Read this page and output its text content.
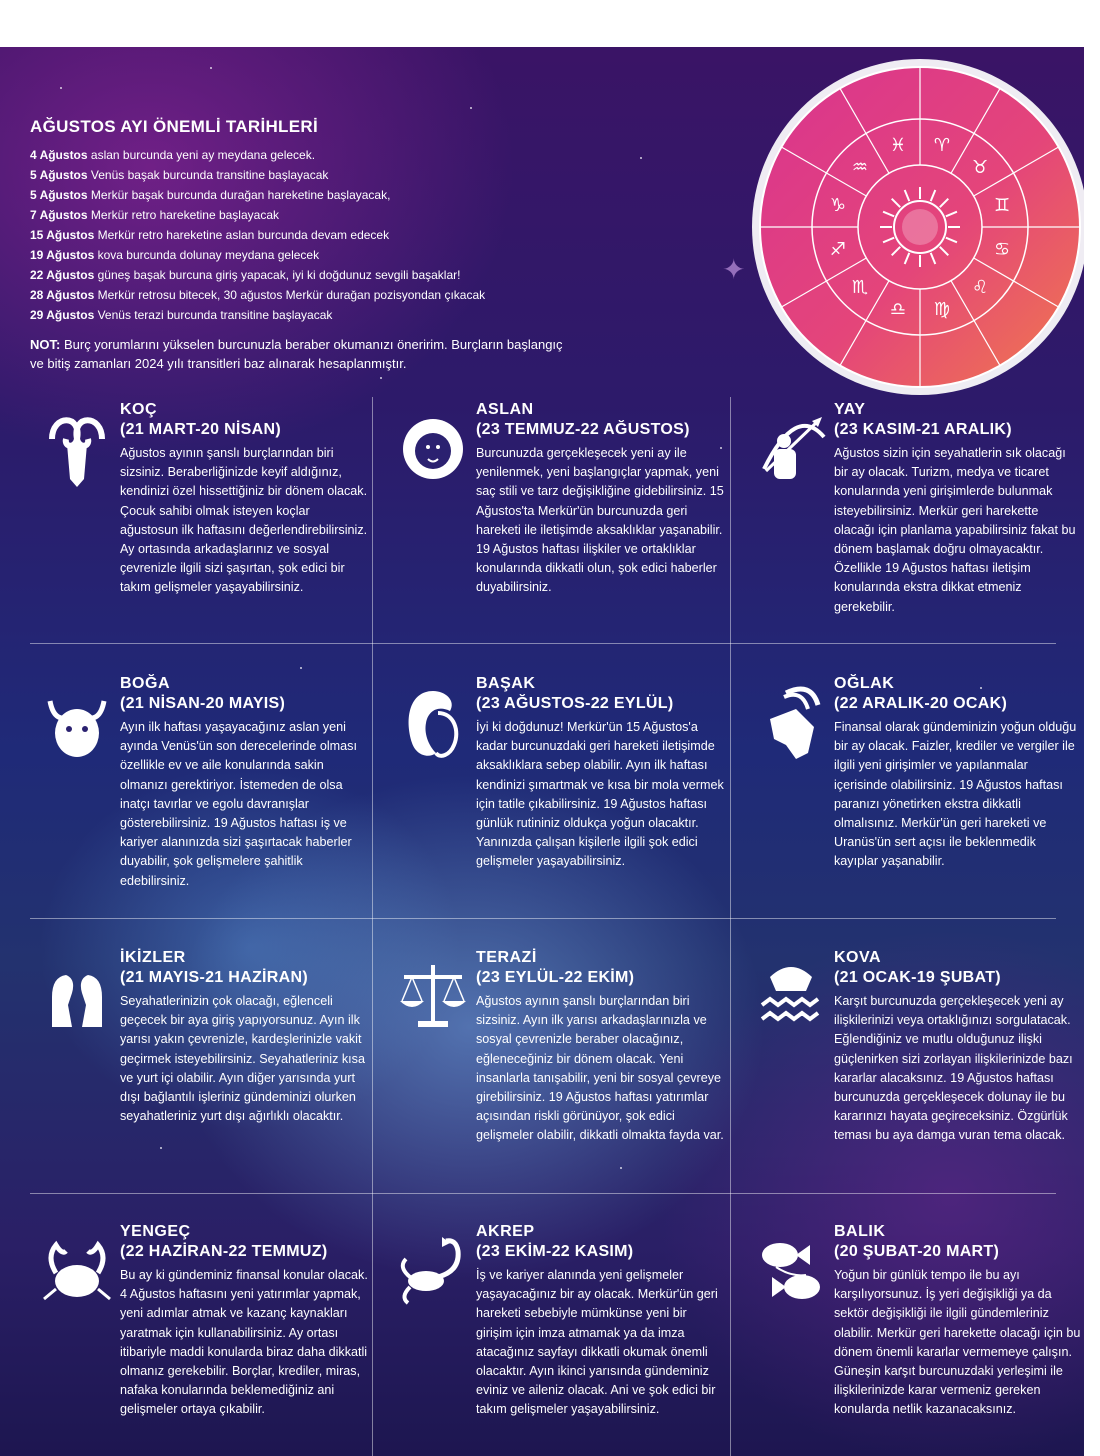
✦
♈
♉
♊
♋
♌
♍
♎
♏
♐
♑
♒
♓
AĞUSTOS AYI ÖNEMLİ TARİHLERİ
4 Ağustos aslan burcunda yeni ay meydana gelecek.
5 Ağustos Venüs başak burcunda transitine başlayacak
5 Ağustos Merkür başak burcunda durağan hareketine başlayacak,
7 Ağustos Merkür retro hareketine başlayacak
15 Ağustos Merkür retro hareketine aslan burcunda devam edecek
19 Ağustos kova burcunda dolunay meydana gelecek
22 Ağustos güneş başak burcuna giriş yapacak, iyi ki doğdunuz sevgili başaklar!
28 Ağustos Merkür retrosu bitecek, 30 ağustos Merkür durağan pozisyondan çıkacak
29 Ağustos Venüs terazi burcunda transitine başlayacak
NOT: Burç yorumlarını yükselen burcunuzla beraber okumanızı öneririm. Burçların başlangıç ve bitiş zamanları 2024 yılı transitleri baz alınarak hesaplanmıştır.
KOÇ
(21 MART-20 NİSAN)
Ağustos ayının şanslı burçlarından biri sizsiniz. Beraberliğinizde keyif aldığınız, kendinizi özel hissettiğiniz bir dönem olacak. Çocuk sahibi olmak isteyen koçlar ağustosun ilk haftasını değerlendirebilirsiniz. Ay ortasında arkadaşlarınız ve sosyal çevrenizle ilgili sizi şaşırtan, şok edici bir takım gelişmeler yaşayabilirsiniz.
ASLAN
(23 TEMMUZ-22 AĞUSTOS)
Burcunuzda gerçekleşecek yeni ay ile yenilenmek, yeni başlangıçlar yapmak, yeni saç stili ve tarz değişikliğine gidebilirsiniz. 15 Ağustos'ta Merkür'ün burcunuzda geri hareketi ile iletişimde aksaklıklar yaşanabilir. 19 Ağustos haftası ilişkiler ve ortaklıklar konularında dikkatli olun, şok edici haberler duyabilirsiniz.
YAY
(23 KASIM-21 ARALIK)
Ağustos sizin için seyahatlerin sık olacağı bir ay olacak. Turizm, medya ve ticaret konularında yeni girişimlerde bulunmak isteyebilirsiniz. Merkür geri harekette olacağı için planlama yapabilirsiniz fakat bu dönem başlamak doğru olmayacaktır. Özellikle 19 Ağustos haftası iletişim konularında ekstra dikkat etmeniz gerekebilir.
BOĞA
(21 NİSAN-20 MAYIS)
Ayın ilk haftası yaşayacağınız aslan yeni ayında Venüs'ün son derecelerinde olması özellikle ev ve aile konularında sakin olmanızı gerektiriyor. İstemeden de olsa inatçı tavırlar ve egolu davranışlar gösterebilirsiniz. 19 Ağustos haftası iş ve kariyer alanınızda sizi şaşırtacak haberler duyabilir, şok gelişmelere şahitlik edebilirsiniz.
BAŞAK
(23 AĞUSTOS-22 EYLÜL)
İyi ki doğdunuz! Merkür'ün 15 Ağustos'a kadar burcunuzdaki geri hareketi iletişimde aksaklıklara sebep olabilir. Ayın ilk haftası kendinizi şımartmak ve kısa bir mola vermek için tatile çıkabilirsiniz. 19 Ağustos haftası günlük rutininiz oldukça yoğun olacaktır. Yanınızda çalışan kişilerle ilgili şok edici gelişmeler yaşayabilirsiniz.
OĞLAK
(22 ARALIK-20 OCAK)
Finansal olarak gündeminizin yoğun olduğu bir ay olacak. Faizler, krediler ve vergiler ile ilgili yeni girişimler ve yapılanmalar içerisinde olabilirsiniz. 19 Ağustos haftası paranızı yönetirken ekstra dikkatli olmalısınız. Merkür'ün geri hareketi ve Uranüs'ün sert açısı ile beklenmedik kayıplar yaşanabilir.
İKİZLER
(21 MAYIS-21 HAZİRAN)
Seyahatlerinizin çok olacağı, eğlenceli geçecek bir aya giriş yapıyorsunuz. Ayın ilk yarısı yakın çevrenizle, kardeşlerinizle vakit geçirmek isteyebilirsiniz. Seyahatleriniz kısa ve yurt içi olabilir. Ayın diğer yarısında yurt dışı bağlantılı işleriniz gündeminizi olurken seyahatleriniz yurt dışı ağırlıklı olacaktır.
TERAZİ
(23 EYLÜL-22 EKİM)
Ağustos ayının şanslı burçlarından biri sizsiniz. Ayın ilk yarısı arkadaşlarınızla ve sosyal çevrenizle beraber olacağınız, eğleneceğiniz bir dönem olacak. Yeni insanlarla tanışabilir, yeni bir sosyal çevreye girebilirsiniz. 19 Ağustos haftası yatırımlar açısından riskli görünüyor, şok edici gelişmeler olabilir, dikkatli olmakta fayda var.
KOVA
(21 OCAK-19 ŞUBAT)
Karşıt burcunuzda gerçekleşecek yeni ay ilişkilerinizi veya ortaklığınızı sorgulatacak. Eğlendiğiniz ve mutlu olduğunuz ilişki güçlenirken sizi zorlayan ilişkilerinizde bazı kararlar alacaksınız. 19 Ağustos haftası burcunuzda gerçekleşecek dolunay ile bu kararınızı hayata geçireceksiniz. Özgürlük teması bu aya damga vuran tema olacak.
YENGEÇ
(22 HAZİRAN-22 TEMMUZ)
Bu ay ki gündeminiz finansal konular olacak. 4 Ağustos haftasını yeni yatırımlar yapmak, yeni adımlar atmak ve kazanç kaynakları yaratmak için kullanabilirsiniz. Ay ortası itibariyle maddi konularda biraz daha dikkatli olmanız gerekebilir. Borçlar, krediler, miras, nafaka konularında beklemediğiniz ani gelişmeler ortaya çıkabilir.
AKREP
(23 EKİM-22 KASIM)
İş ve kariyer alanında yeni gelişmeler yaşayacağınız bir ay olacak. Merkür'ün geri hareketi sebebiyle mümkünse yeni bir girişim için imza atmamak ya da imza atacağınız sayfayı dikkatli okumak önemli olacaktır. Ayın ikinci yarısında gündeminiz eviniz ve aileniz olacak. Ani ve şok edici bir takım gelişmeler yaşayabilirsiniz.
BALIK
(20 ŞUBAT-20 MART)
Yoğun bir günlük tempo ile bu ayı karşılıyorsunuz. İş yeri değişikliği ya da sektör değişikliği ile ilgili gündemleriniz olabilir. Merkür geri harekette olacağı için bu dönem önemli kararlar vermemeye çalışın. Güneşin karşıt burcunuzdaki yerleşimi ile ilişkilerinizde karar vermeniz gereken konularda netlik kazanacaksınız.
